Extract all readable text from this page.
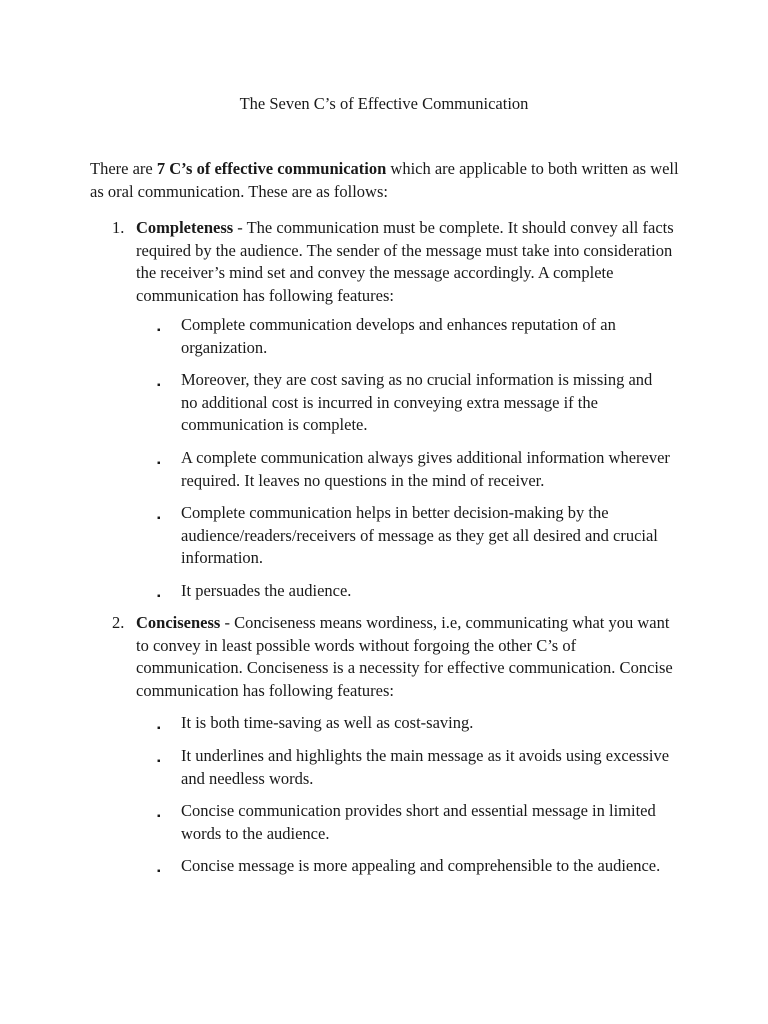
The Seven C’s of Effective Communication

There are 7 C’s of effective communication which are applicable to both written as well as oral communication. These are as follows:

1. Completeness - The communication must be complete. It should convey all facts required by the audience. The sender of the message must take into consideration the receiver’s mind set and convey the message accordingly. A complete communication has following features:

▪	Complete communication develops and enhances reputation of an organization.

▪	Moreover, they are cost saving as no crucial information is missing and no additional cost is incurred in conveying extra message if the communication is complete.

▪	A complete communication always gives additional information wherever required. It leaves no questions in the mind of receiver.

▪	Complete communication helps in better decision-making by the audience/readers/receivers of message as they get all desired and crucial information.

▪	It persuades the audience.

2. Conciseness - Conciseness means wordiness, i.e, communicating what you want to convey in least possible words without forgoing the other C’s of communication. Conciseness is a necessity for effective communication. Concise communication has following features:

▪	It is both time-saving as well as cost-saving.

▪	It underlines and highlights the main message as it avoids using excessive and needless words.

▪	Concise communication provides short and essential message in limited words to the audience.

▪	Concise message is more appealing and comprehensible to the audience.
